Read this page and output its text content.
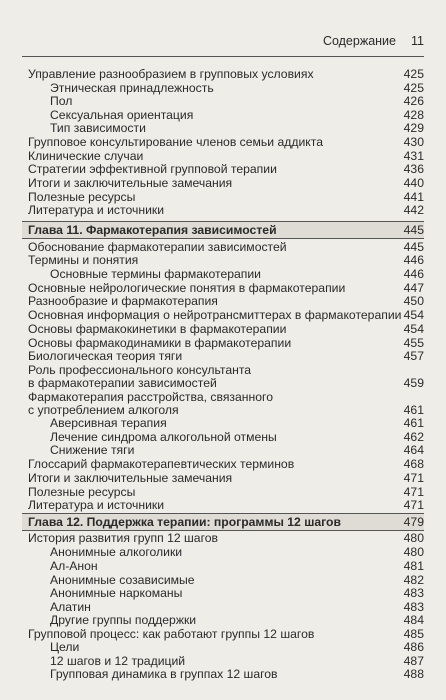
Содержание 11
Управление разнообразием в групповых условиях	425
Этническая принадлежность	425
Пол	426
Сексуальная ориентация	428
Тип зависимости	429
Групповое консультирование членов семьи аддикта	430
Клинические случаи	431
Стратегии эффективной групповой терапии	436
Итоги и заключительные замечания	440
Полезные ресурсы	441
Литература и источники	442
Глава 11. Фармакотерапия зависимостей	445
Обоснование фармакотерапии зависимостей	445
Термины и понятия	446
Основные термины фармакотерапии	446
Основные нейрологические понятия в фармакотерапии	447
Разнообразие и фармакотерапия	450
Основная информация о нейротрансмиттерах в фармакотерапии 454
Основы фармакокинетики в фармакотерапии	454
Основы фармакодинамики в фармакотерапии	455
Биологическая теория тяги	457
Роль профессионального консультанта
в фармакотерапии зависимостей	459
Фармакотерапия расстройства, связанного
с употреблением алкоголя	461
Аверсивная терапия	461
Лечение синдрома алкогольной отмены	462
Снижение тяги	464
Глоссарий фармакотерапевтических терминов	468
Итоги и заключительные замечания	471
Полезные ресурсы	471
Литература и источники	471
Глава 12. Поддержка терапии: программы 12 шагов	479
История развития групп 12 шагов	480
Анонимные алкоголики	480
Ал-Анон	481
Анонимные созависимые	482
Анонимные наркоманы	483
Алатин	483
Другие группы поддержки	484
Групповой процесс: как работают группы 12 шагов	485
Цели	486
12 шагов и 12 традиций	487
Групповая динамика в группах 12 шагов	488
